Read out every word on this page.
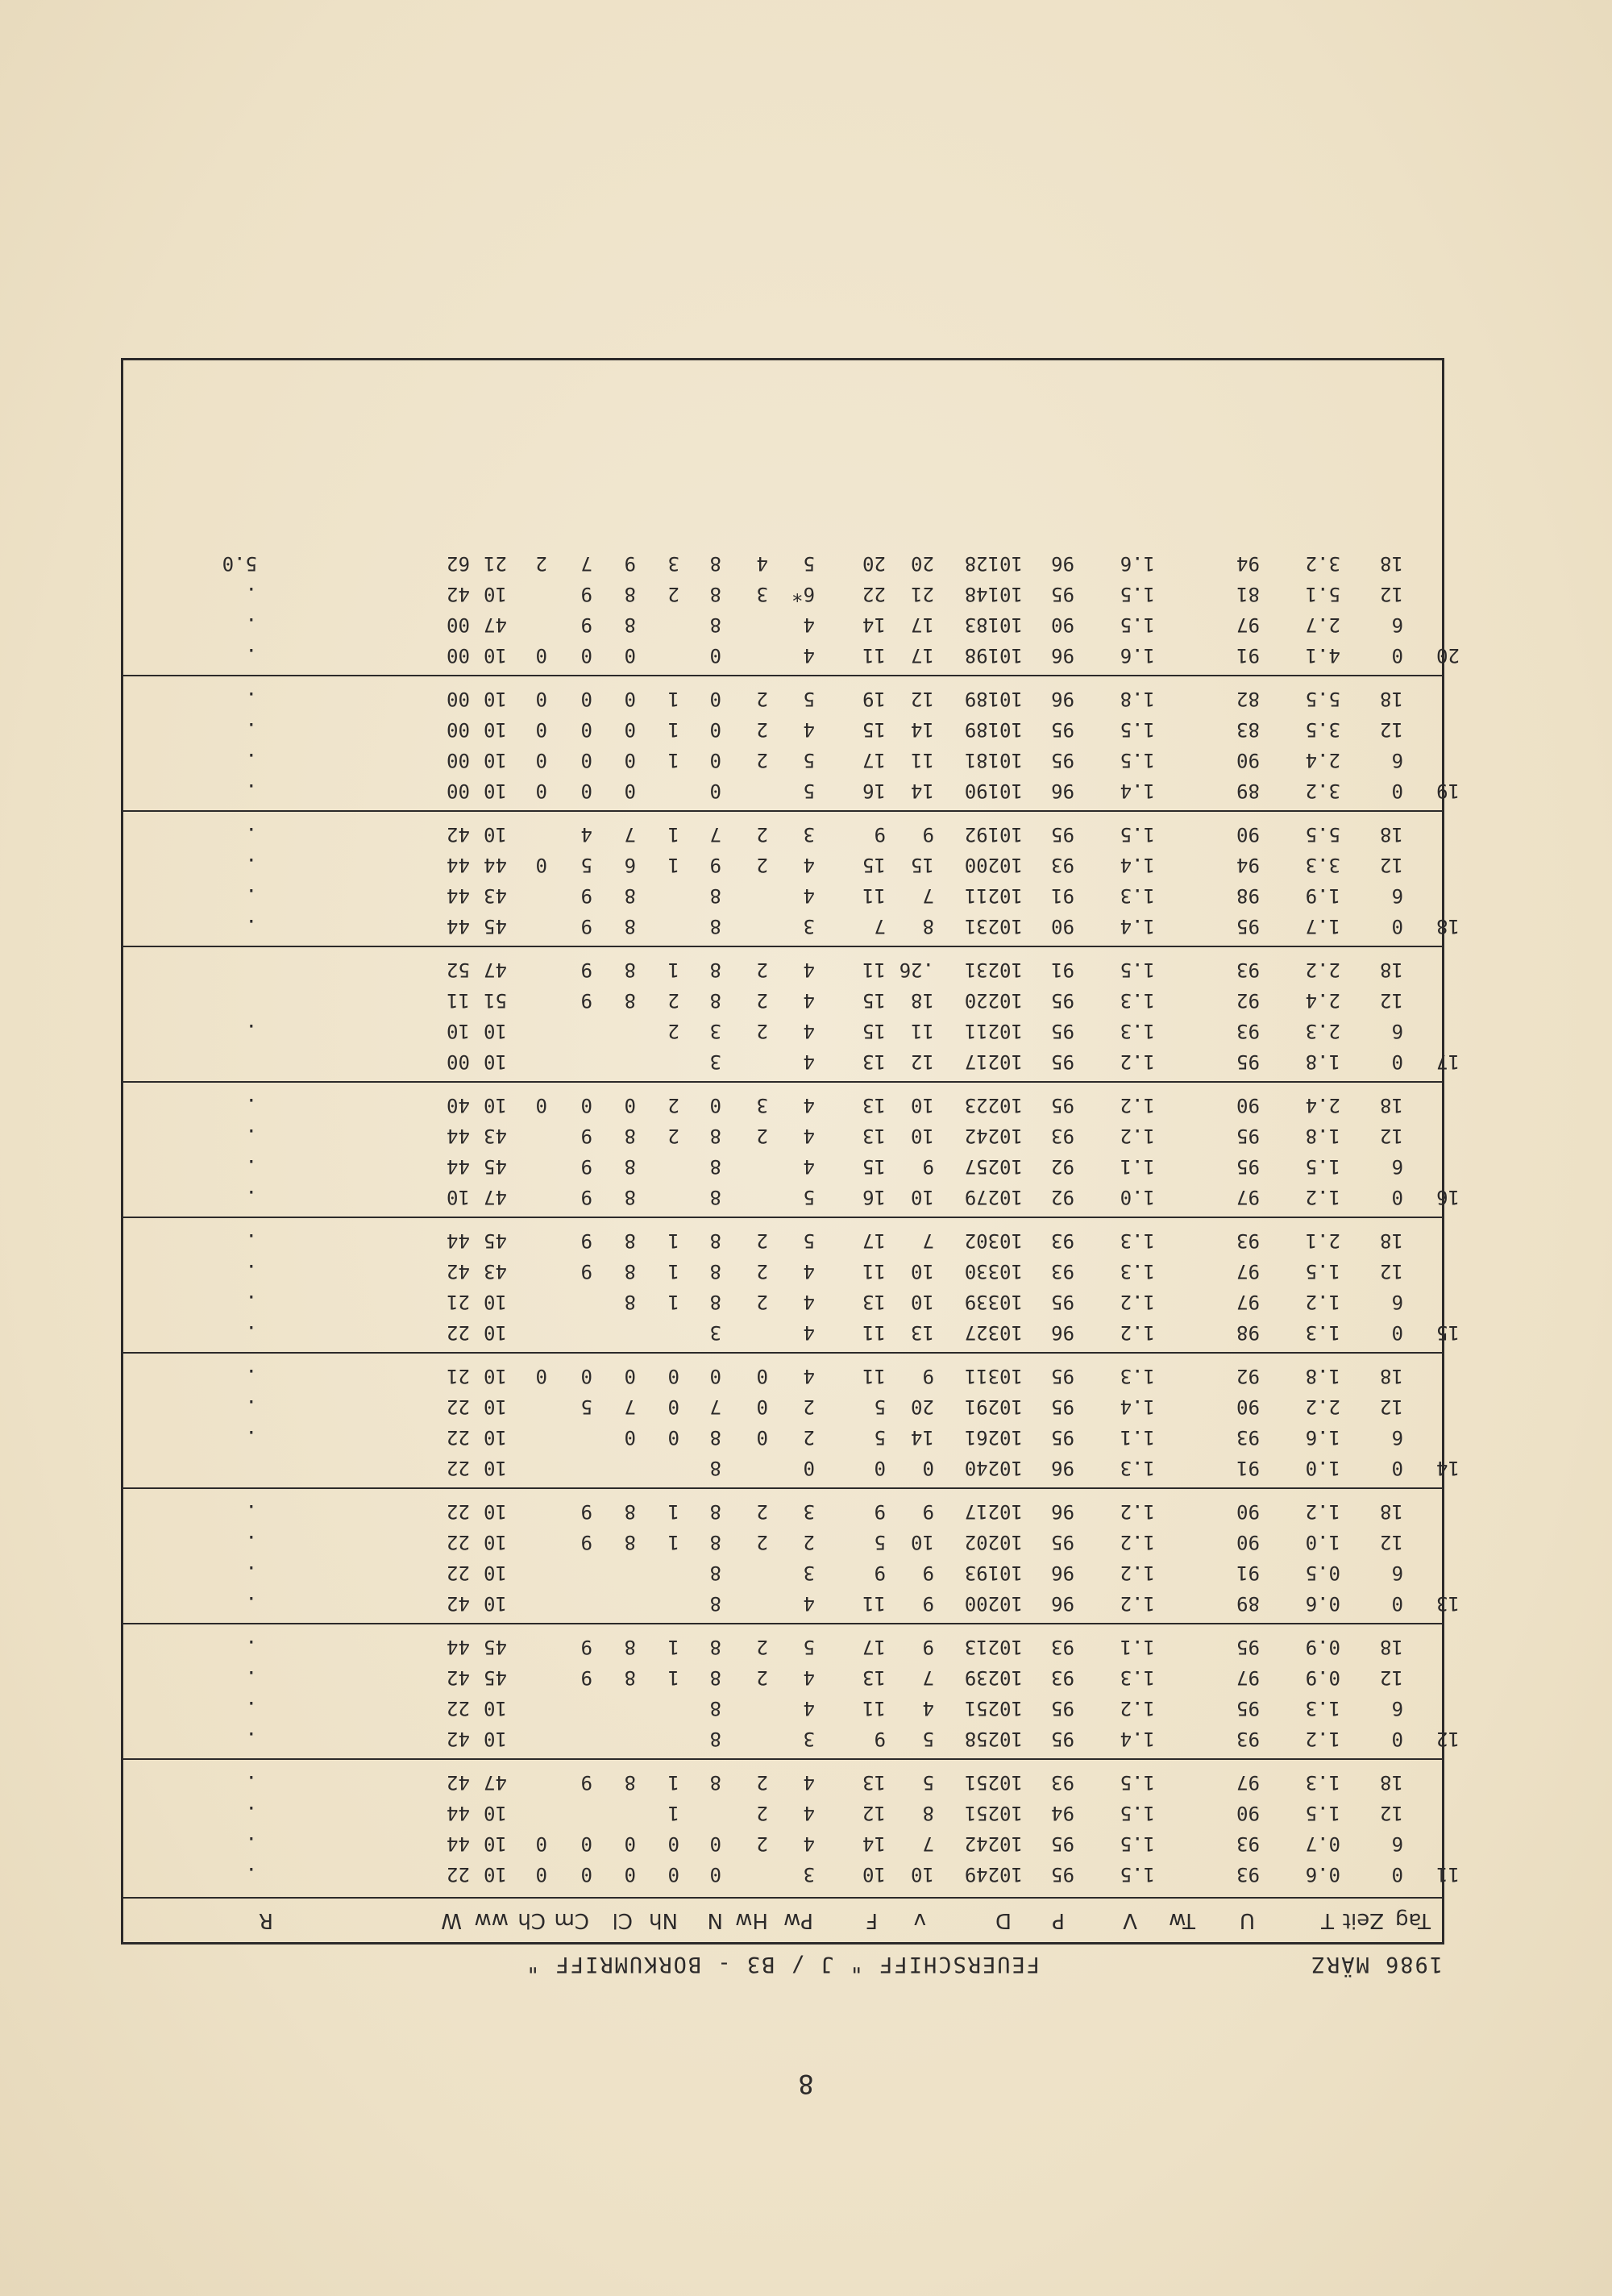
1986 MÄRZ
FEUERSCHIFF " J / B3 - BORKUMRIFF "
Tag
Zeit
T
U
Tw
V
P
D
v
F
Pw
Hw
N
Nh
Cl
Cm
Ch
ww
W
R
11
0
0.6
93
1.5
95
10249
10
10
3
0
0
0
0
0
10
22
.
6
0.7
93
1.5
95
10242
7
14
4
2
0
0
0
0
0
10
44
.
12
1.5
90
1.5
94
10251
8
12
4
2
1
10
44
.
18
1.3
97
1.5
93
10251
5
13
4
2
8
1
8
9
47
42
.
12
0
1.2
93
1.4
95
10258
5
9
3
8
10
42
.
6
1.3
95
1.2
95
10251
4
11
4
8
10
22
.
12
0.9
97
1.3
93
10239
7
13
4
2
8
1
8
9
45
42
.
18
0.9
95
1.1
93
10213
9
17
5
2
8
1
8
9
45
44
.
13
0
0.6
89
1.2
96
10200
9
11
4
8
10
42
.
6
0.5
91
1.2
96
10193
9
9
3
8
10
22
.
12
1.0
90
1.2
95
10202
10
5
2
2
8
1
8
9
10
22
.
18
1.2
90
1.2
96
10217
9
9
3
2
8
1
8
9
10
22
.
14
0
1.0
91
1.3
96
10240
0
0
0
8
10
22
6
1.6
93
1.1
95
10261
14
5
2
0
8
0
0
10
22
.
12
2.2
90
1.4
95
10291
20
5
2
0
7
0
7
5
10
22
.
18
1.8
92
1.3
95
10311
9
11
4
0
0
0
0
0
0
10
21
.
15
0
1.3
98
1.2
96
10327
13
11
4
3
10
22
.
6
1.2
97
1.2
95
10339
10
13
4
2
8
1
8
10
21
.
12
1.5
97
1.3
93
10330
10
11
4
2
8
1
8
9
43
42
.
18
2.1
93
1.3
93
10302
7
17
5
2
8
1
8
9
45
44
.
16
0
1.2
97
1.0
92
10279
10
16
5
8
8
9
47
10
.
6
1.5
95
1.1
92
10257
9
15
4
8
8
9
45
44
.
12
1.8
95
1.2
93
10242
10
13
4
2
8
2
8
9
43
44
.
18
2.4
90
1.2
95
10223
10
13
4
3
0
2
0
0
0
10
40
.
17
0
1.8
95
1.2
95
10217
12
13
4
3
10
00
6
2.3
93
1.3
95
10211
11
15
4
2
3
2
10
10
.
12
2.4
92
1.3
95
10220
18
15
4
2
8
2
8
9
51
11
18
2.2
93
1.5
91
10231
.26
11
4
2
8
1
8
9
47
52
18
0
1.7
95
1.4
90
10231
8
7
3
8
8
9
45
44
.
6
1.9
98
1.3
91
10211
7
11
4
8
8
9
43
44
.
12
3.3
94
1.4
93
10200
15
15
4
2
9
1
6
5
0
44
44
.
18
5.5
90
1.5
95
10192
9
9
3
2
7
1
7
4
10
42
.
19
0
3.2
89
1.4
96
10190
14
16
5
0
0
0
0
10
00
.
6
2.4
90
1.5
95
10181
11
17
5
2
0
1
0
0
0
10
00
.
12
3.5
83
1.5
95
10189
14
15
4
2
0
1
0
0
0
10
00
.
18
5.5
82
1.8
96
10189
12
19
5
2
0
1
0
0
0
10
00
.
20
0
4.1
91
1.6
96
10198
17
11
4
0
0
0
0
10
00
.
6
2.7
97
1.5
90
10183
17
14
4
8
8
9
47
00
.
12
5.1
81
1.5
95
10148
21
22
6*
3
8
2
8
9
10
42
.
18
3.2
94
1.6
96
10128
20
20
5
4
8
3
9
7
2
21
62
5.0
8
